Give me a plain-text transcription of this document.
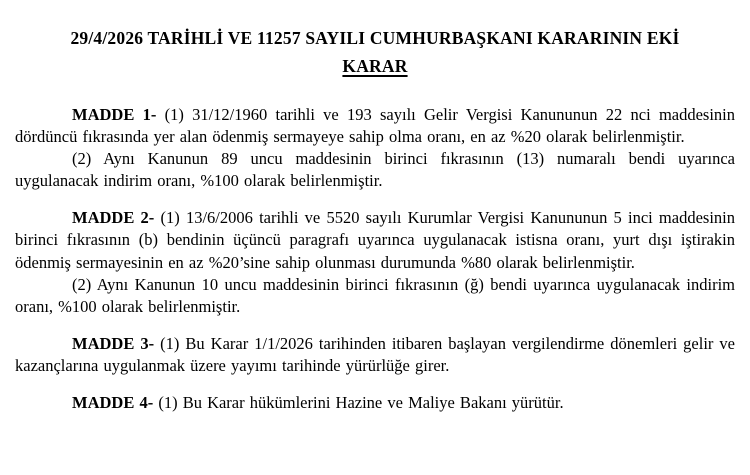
29/4/2026 TARİHLİ VE 11257 SAYILI CUMHURBAŞKANI KARARININ EKİ

KARAR

MADDE 1- (1) 31/12/1960 tarihli ve 193 sayılı Gelir Vergisi Kanununun 22 nci maddesinin dördüncü fıkrasında yer alan ödenmiş sermayeye sahip olma oranı, en az %20 olarak belirlenmiştir.

(2) Aynı Kanunun 89 uncu maddesinin birinci fıkrasının (13) numaralı bendi uyarınca uygulanacak indirim oranı, %100 olarak belirlenmiştir.

MADDE 2- (1) 13/6/2006 tarihli ve 5520 sayılı Kurumlar Vergisi Kanununun 5 inci maddesinin birinci fıkrasının (b) bendinin üçüncü paragrafı uyarınca uygulanacak istisna oranı, yurt dışı iştirakin ödenmiş sermayesinin en az %20’sine sahip olunması durumunda %80 olarak belirlenmiştir.

(2) Aynı Kanunun 10 uncu maddesinin birinci fıkrasının (ğ) bendi uyarınca uygulanacak indirim oranı, %100 olarak belirlenmiştir.

MADDE 3- (1) Bu Karar 1/1/2026 tarihinden itibaren başlayan vergilendirme dönemleri gelir ve kazançlarına uygulanmak üzere yayımı tarihinde yürürlüğe girer.

MADDE 4- (1) Bu Karar hükümlerini Hazine ve Maliye Bakanı yürütür.
